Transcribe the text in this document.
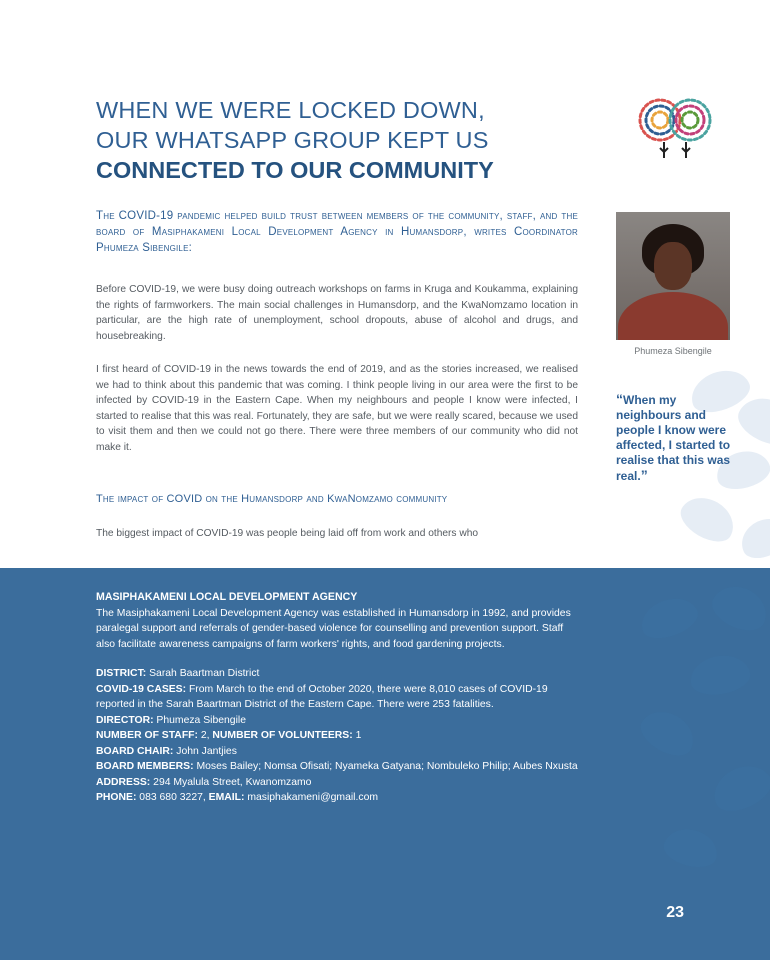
WHEN WE WERE LOCKED DOWN,
OUR WHATSAPP GROUP KEPT US
CONNECTED TO OUR COMMUNITY

The COVID-19 pandemic helped build trust between members of the community, staff, and the board of Masiphakameni Local Development Agency in Humansdorp, writes Coordinator Phumeza Sibengile:

Before COVID-19, we were busy doing outreach workshops on farms in Kruga and Koukamma, explaining the rights of farmworkers. The main social challenges in Humansdorp, and the KwaNomzamo location in particular, are the high rate of unemployment, school dropouts, abuse of alcohol and drugs, and housebreaking.

I first heard of COVID-19 in the news towards the end of 2019, and as the stories increased, we realised we had to think about this pandemic that was coming. I think people living in our area were the first to be infected by COVID-19 in the Eastern Cape. When my neighbours and people I know were infected, I started to realise that this was real. Fortunately, they are safe, but we were really scared, because we used to visit them and then we could not go there. There were three members of our community who did not make it.

The impact of COVID on the Humansdorp and KwaNomzamo community

The biggest impact of COVID-19 was people being laid off from work and others who

Phumeza Sibengile
“When my neighbours and people I know were affected, I started to realise that this was real.”
MASIPHAKAMENI LOCAL DEVELOPMENT AGENCY
The Masiphakameni Local Development Agency was established in Humansdorp in 1992, and provides paralegal support and referrals of gender-based violence for counselling and prevention support. Staff also facilitate awareness campaigns of farm workers' rights, and food gardening projects.
DISTRICT: Sarah Baartman District
COVID-19 CASES: From March to the end of October 2020, there were 8,010 cases of COVID-19 reported in the Sarah Baartman District of the Eastern Cape. There were 253 fatalities.
DIRECTOR: Phumeza Sibengile
NUMBER OF STAFF: 2, NUMBER OF VOLUNTEERS: 1
BOARD CHAIR: John Jantjies
BOARD MEMBERS: Moses Bailey; Nomsa Ofisati; Nyameka Gatyana; Nombuleko Philip; Aubes Nxusta
ADDRESS: 294 Myalula Street, Kwanomzamo
PHONE: 083 680 3227, EMAIL: masiphakameni@gmail.com
23
